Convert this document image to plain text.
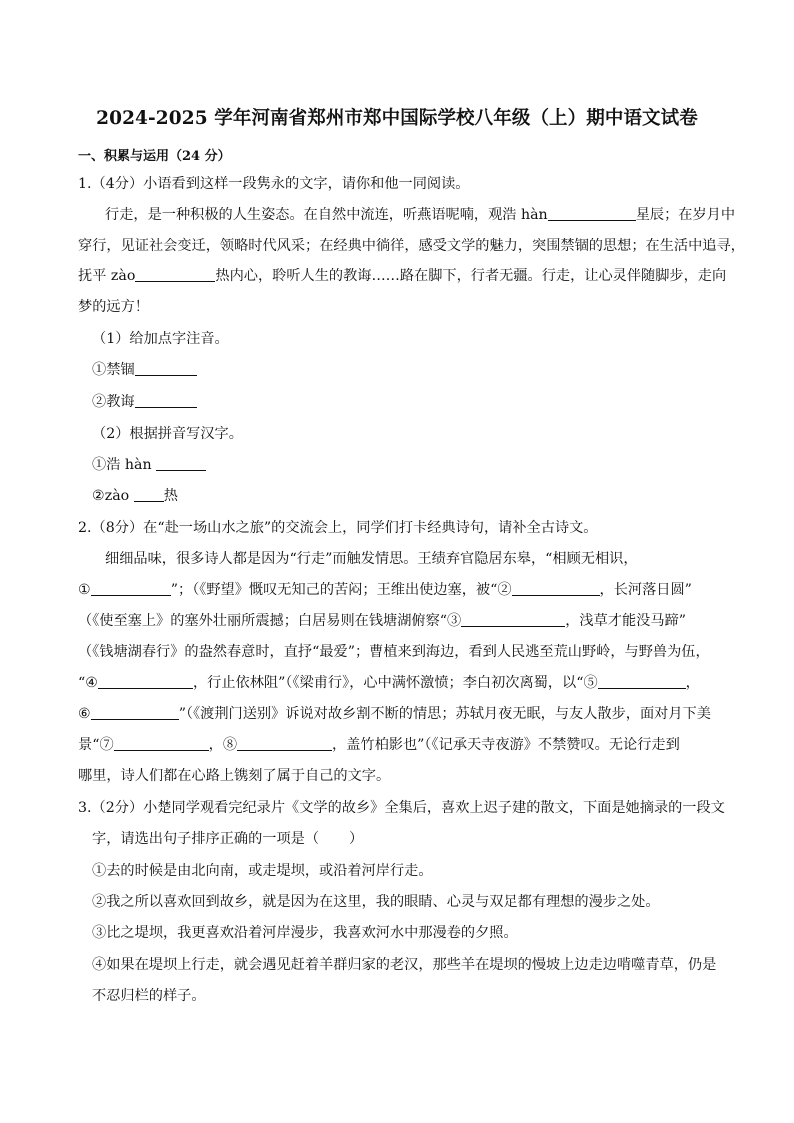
2024-2025 学年河南省郑州市郑中国际学校八年级（上）期中语文试卷
一、积累与运用（24 分）
1.（4分）小语看到这样一段隽永的文字，请你和他一同阅读。
行走，是一种积极的人生姿态。在自然中流连，听燕语呢喃，观浩 hàn	星辰；在岁月中
穿行，见证社会变迁，领略时代风采；在经典中徜徉，感受文学的魅力，突围禁锢的思想；在生活中追寻，
抚平 zào	热内心，聆听人生的教诲……路在脚下，行者无疆。行走，让心灵伴随脚步，走向
梦的远方！
（1）给加点字注音。
①禁锢
②教诲
（2）根据拼音写汉字。
①浩 hàn
②zào 热
2.（8分）在“赴一场山水之旅”的交流会上，同学们打卡经典诗句，请补全古诗文。
细细品味，很多诗人都是因为“行走”而触发情思。王绩弃官隐居东皋，“相顾无相识，
①	”；（《野望》慨叹无知己的苦闷；王维出使边塞，被“②	，长河落日圆”
（《使至塞上》的塞外壮丽所震撼；白居易则在钱塘湖俯察“③	，浅草才能没马蹄”
（《钱塘湖春行》的盎然春意时，直抒“最爱”；曹植来到海边，看到人民逃至荒山野岭，与野兽为伍，
“④	，行止依林阻”（《梁甫行》，心中满怀激愤；李白初次离蜀，以“⑤	，
⑥	”（《渡荆门送别》诉说对故乡割不断的情思；苏轼月夜无眠，与友人散步，面对月下美
景“⑦	，⑧	，盖竹柏影也”（《记承天寺夜游》不禁赞叹。无论行走到
哪里，诗人们都在心路上镌刻了属于自己的文字。
3.（2分）小楚同学观看完纪录片《文学的故乡》全集后，喜欢上迟子建的散文，下面是她摘录的一段文
字，请选出句子排序正确的一项是（ ）
①去的时候是由北向南，或走堤坝，或沿着河岸行走。
②我之所以喜欢回到故乡，就是因为在这里，我的眼睛、心灵与双足都有理想的漫步之处。
③比之堤坝，我更喜欢沿着河岸漫步，我喜欢河水中那漫卷的夕照。
④如果在堤坝上行走，就会遇见赶着羊群归家的老汉，那些羊在堤坝的慢坡上边走边啃噬青草，仍是
不忍归栏的样子。
